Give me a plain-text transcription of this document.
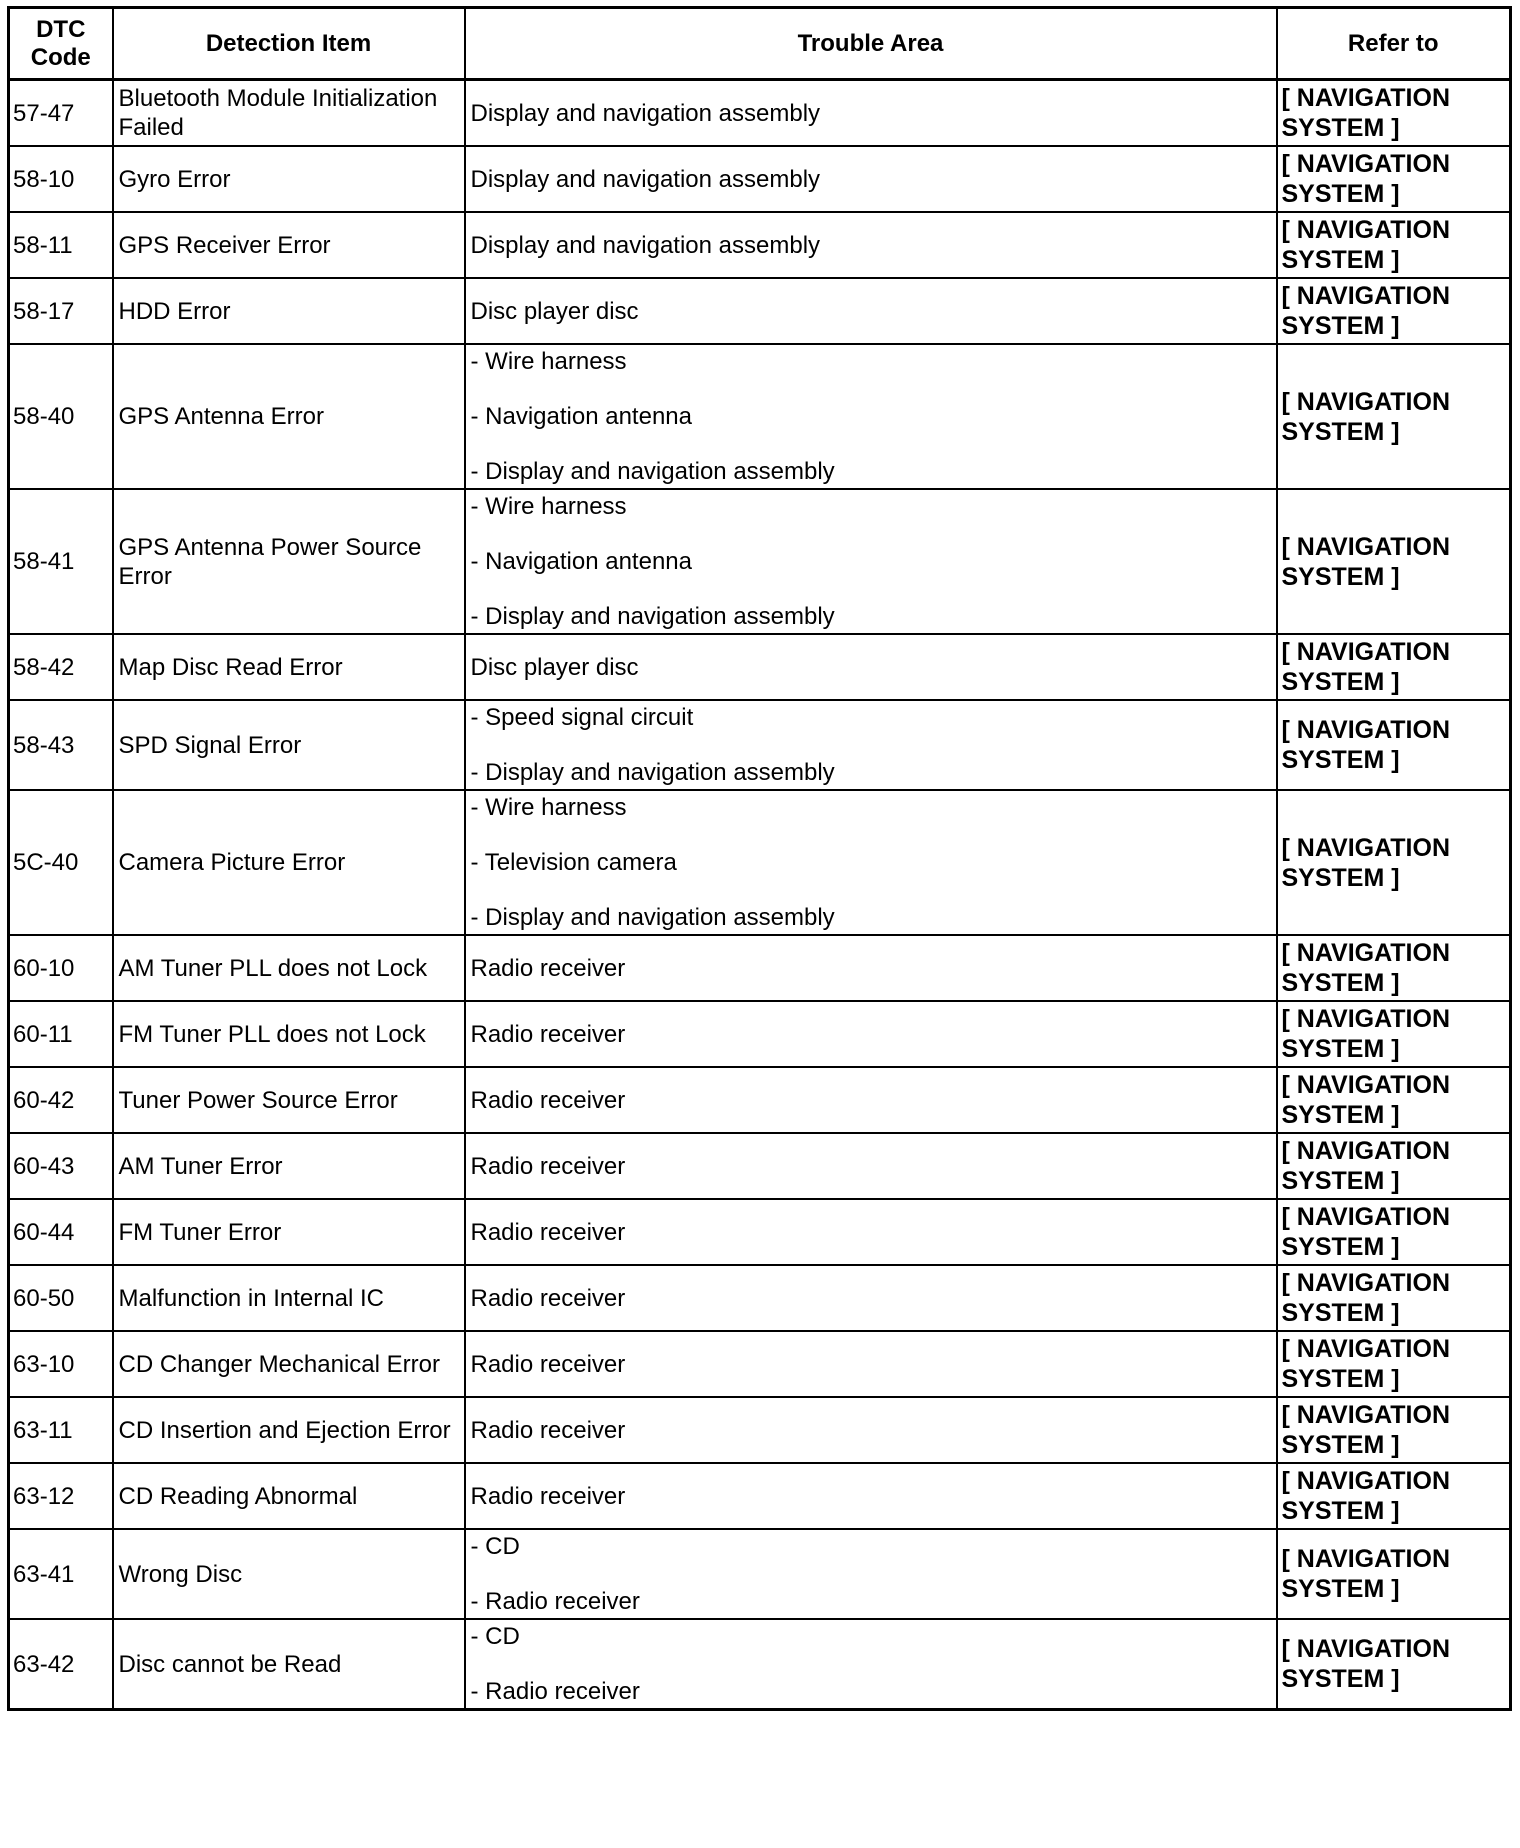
DTC
Code	Detection Item	Trouble Area	Refer to
57-47	Bluetooth Module Initialization Failed	Display and navigation assembly	[ NAVIGATION
SYSTEM ]

58-10	Gyro Error	Display and navigation assembly	[ NAVIGATION
SYSTEM ]

58-11	GPS Receiver Error	Display and navigation assembly	[ NAVIGATION
SYSTEM ]

58-17	HDD Error	Disc player disc	[ NAVIGATION
SYSTEM ]

58-40	GPS Antenna Error	- Wire harness
- Navigation antenna
- Display and navigation assembly	[ NAVIGATION
SYSTEM ]

58-41	GPS Antenna Power Source Error	- Wire harness
- Navigation antenna
- Display and navigation assembly	[ NAVIGATION
SYSTEM ]

58-42	Map Disc Read Error	Disc player disc	[ NAVIGATION
SYSTEM ]

58-43	SPD Signal Error	- Speed signal circuit
- Display and navigation assembly	[ NAVIGATION
SYSTEM ]

5C-40	Camera Picture Error	- Wire harness
- Television camera
- Display and navigation assembly	[ NAVIGATION
SYSTEM ]

60-10	AM Tuner PLL does not Lock	Radio receiver	[ NAVIGATION
SYSTEM ]

60-11	FM Tuner PLL does not Lock	Radio receiver	[ NAVIGATION
SYSTEM ]

60-42	Tuner Power Source Error	Radio receiver	[ NAVIGATION
SYSTEM ]

60-43	AM Tuner Error	Radio receiver	[ NAVIGATION
SYSTEM ]

60-44	FM Tuner Error	Radio receiver	[ NAVIGATION
SYSTEM ]

60-50	Malfunction in Internal IC	Radio receiver	[ NAVIGATION
SYSTEM ]

63-10	CD Changer Mechanical Error	Radio receiver	[ NAVIGATION
SYSTEM ]

63-11	CD Insertion and Ejection Error	Radio receiver	[ NAVIGATION
SYSTEM ]

63-12	CD Reading Abnormal	Radio receiver	[ NAVIGATION
SYSTEM ]

63-41	Wrong Disc	- CD
- Radio receiver	[ NAVIGATION
SYSTEM ]

63-42	Disc cannot be Read	- CD
- Radio receiver	[ NAVIGATION
SYSTEM ]
